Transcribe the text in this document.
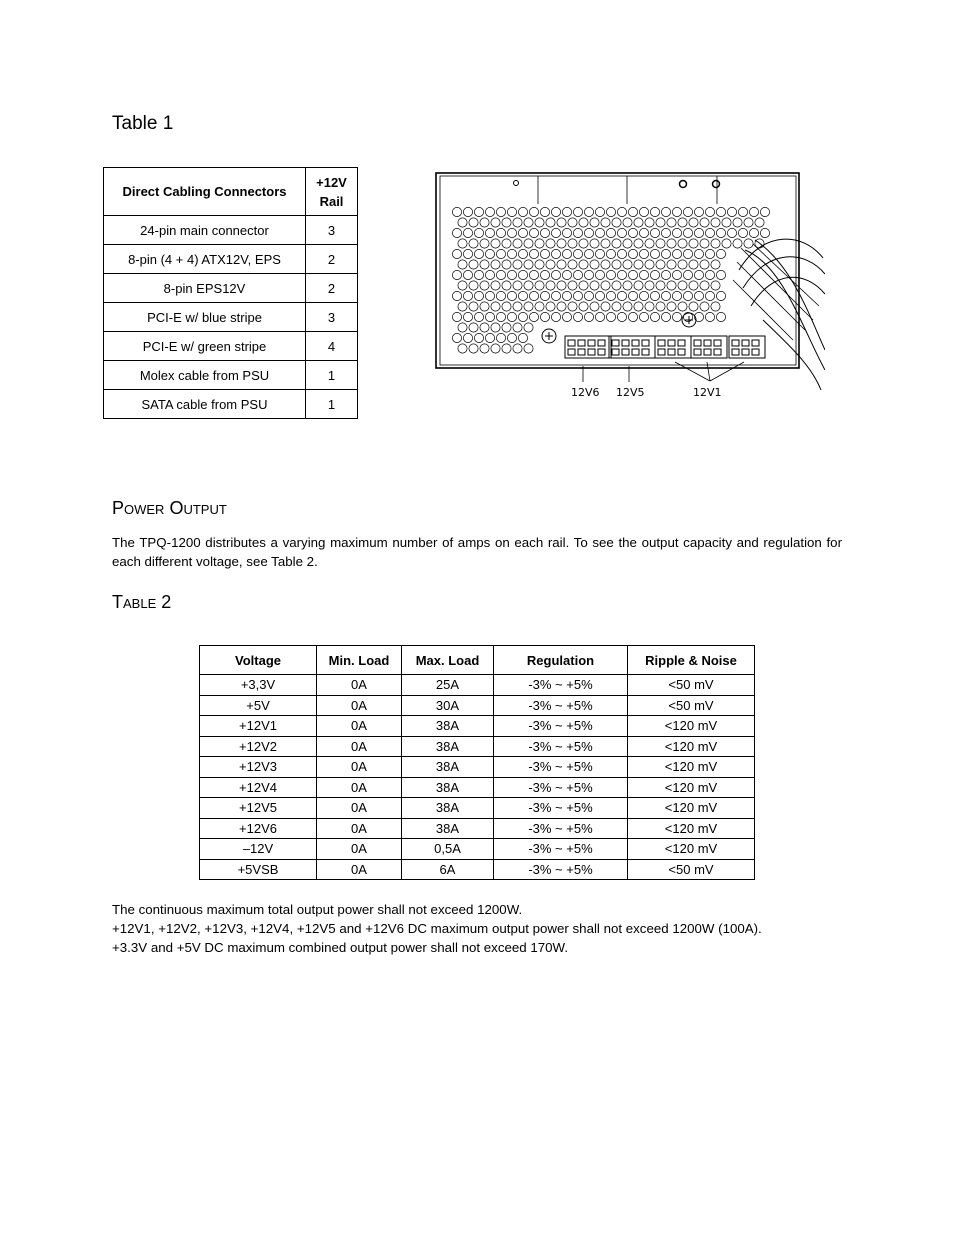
Table 1
Direct Cabling Connectors	+12V Rail
24-pin main connector	3
8-pin (4 + 4) ATX12V, EPS	2
8-pin EPS12V	2
PCI-E w/ blue stripe	3
PCI-E w/ green stripe	4
Molex cable from PSU	1
SATA cable from PSU	1
12V6 12V5	12V1
Power Output

The TPQ-1200 distributes a varying maximum number of amps on each rail. To see the output capacity and regulation for each different voltage, see Table 2.

Table 2
Voltage	Min. Load	Max. Load	Regulation	Ripple & Noise
+3,3V	0A	25A	-3% ~ +5%	<50 mV
+5V	0A	30A	-3% ~ +5%	<50 mV
+12V1	0A	38A	-3% ~ +5%	<120 mV
+12V2	0A	38A	-3% ~ +5%	<120 mV
+12V3	0A	38A	-3% ~ +5%	<120 mV
+12V4	0A	38A	-3% ~ +5%	<120 mV
+12V5	0A	38A	-3% ~ +5%	<120 mV
+12V6	0A	38A	-3% ~ +5%	<120 mV
–12V	0A	0,5A	-3% ~ +5%	<120 mV
+5VSB	0A	6A	-3% ~ +5%	<50 mV
The continuous maximum total output power shall not exceed 1200W.
+12V1, +12V2, +12V3, +12V4, +12V5 and +12V6 DC maximum output power shall not exceed 1200W (100A).
+3.3V and +5V DC maximum combined output power shall not exceed 170W.
